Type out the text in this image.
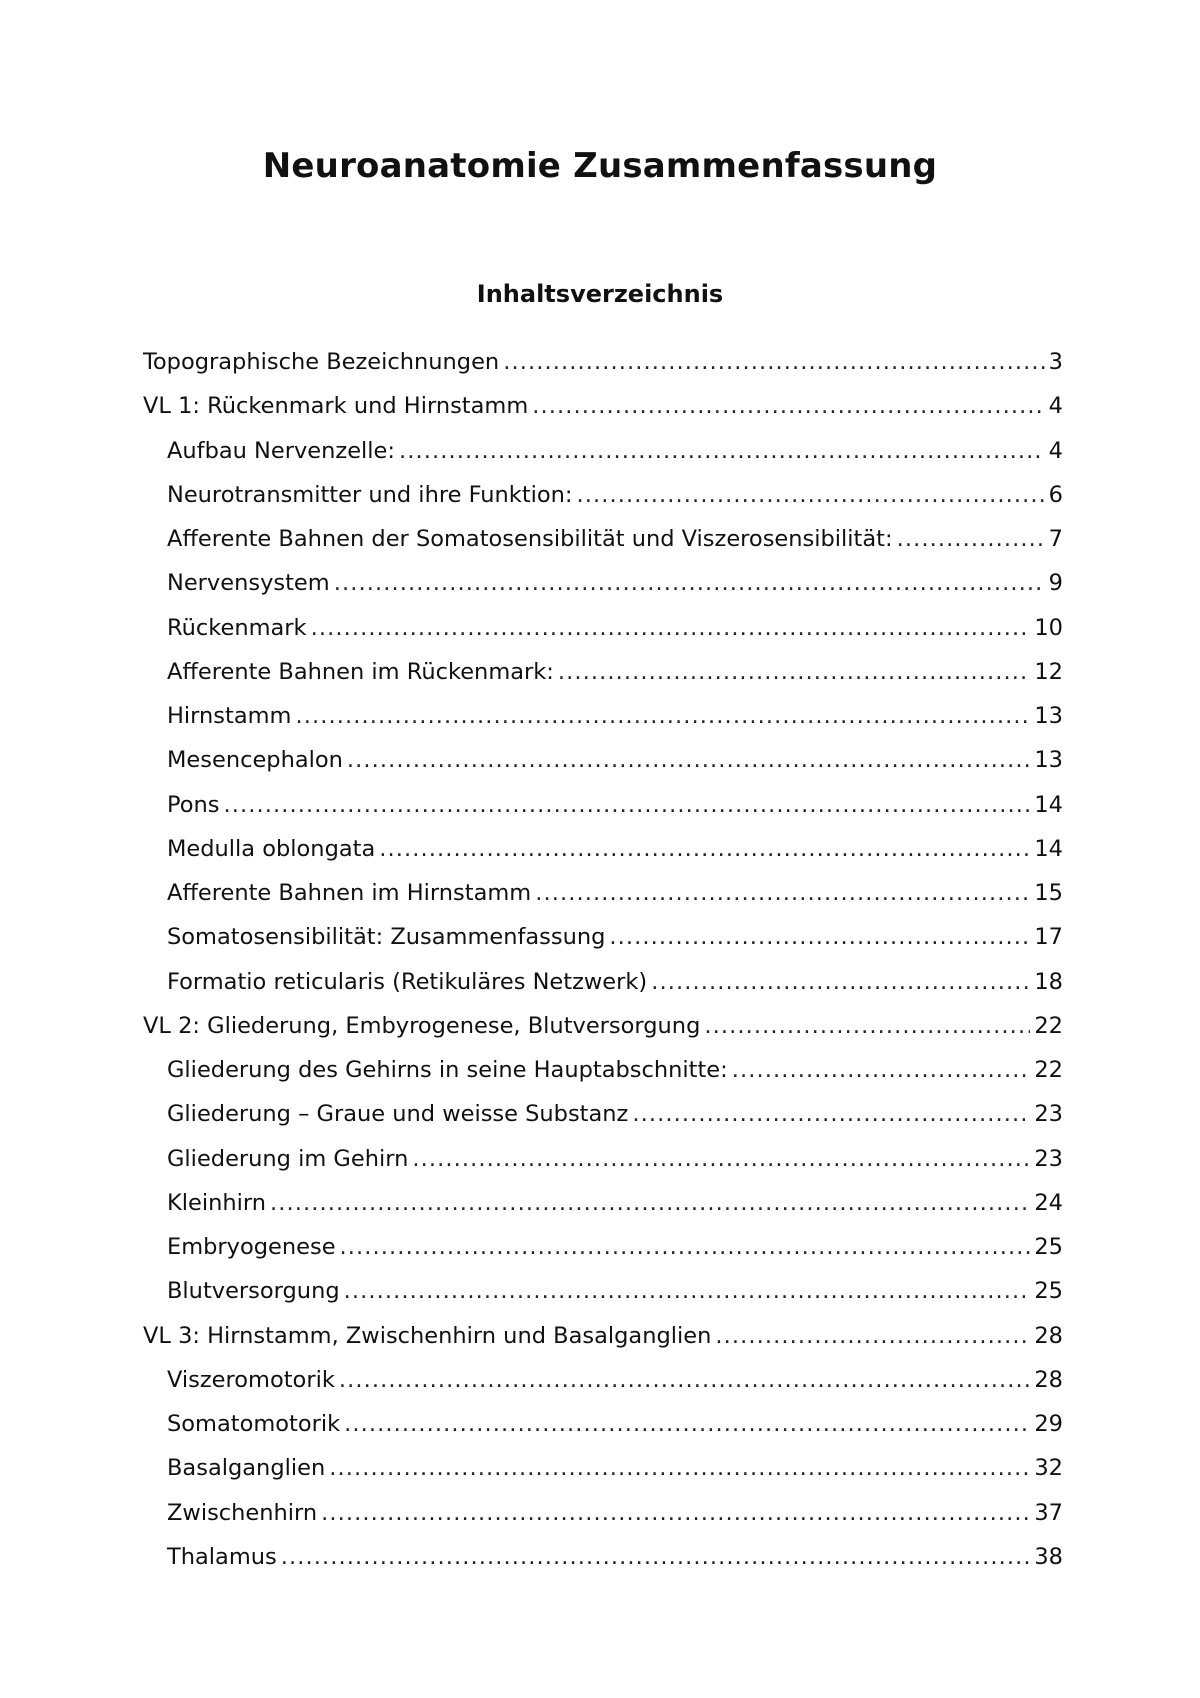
Neuroanatomie Zusammenfassung
Inhaltsverzeichnis
Topographische Bezeichnungen .....	3
VL 1: Rückenmark und Hirnstamm .....	4
Aufbau Nervenzelle: .....	4
Neurotransmitter und ihre Funktion: .....	6
Afferente Bahnen der Somatosensibilität und Viszerosensibilität: .....	7
Nervensystem .....	9
Rückenmark .....	10
Afferente Bahnen im Rückenmark: .....	12
Hirnstamm .....	13
Mesencephalon .....	13
Pons .....	14
Medulla oblongata .....	14
Afferente Bahnen im Hirnstamm .....	15
Somatosensibilität: Zusammenfassung .....	17
Formatio reticularis (Retikuläres Netzwerk) .....	18
VL 2: Gliederung, Embyrogenese, Blutversorgung .....	22
Gliederung des Gehirns in seine Hauptabschnitte: .....	22
Gliederung – Graue und weisse Substanz .....	23
Gliederung im Gehirn .....	23
Kleinhirn .....	24
Embryogenese .....	25
Blutversorgung .....	25
VL 3: Hirnstamm, Zwischenhirn und Basalganglien .....	28
Viszeromotorik .....	28
Somatomotorik .....	29
Basalganglien .....	32
Zwischenhirn .....	37
Thalamus .....	38
